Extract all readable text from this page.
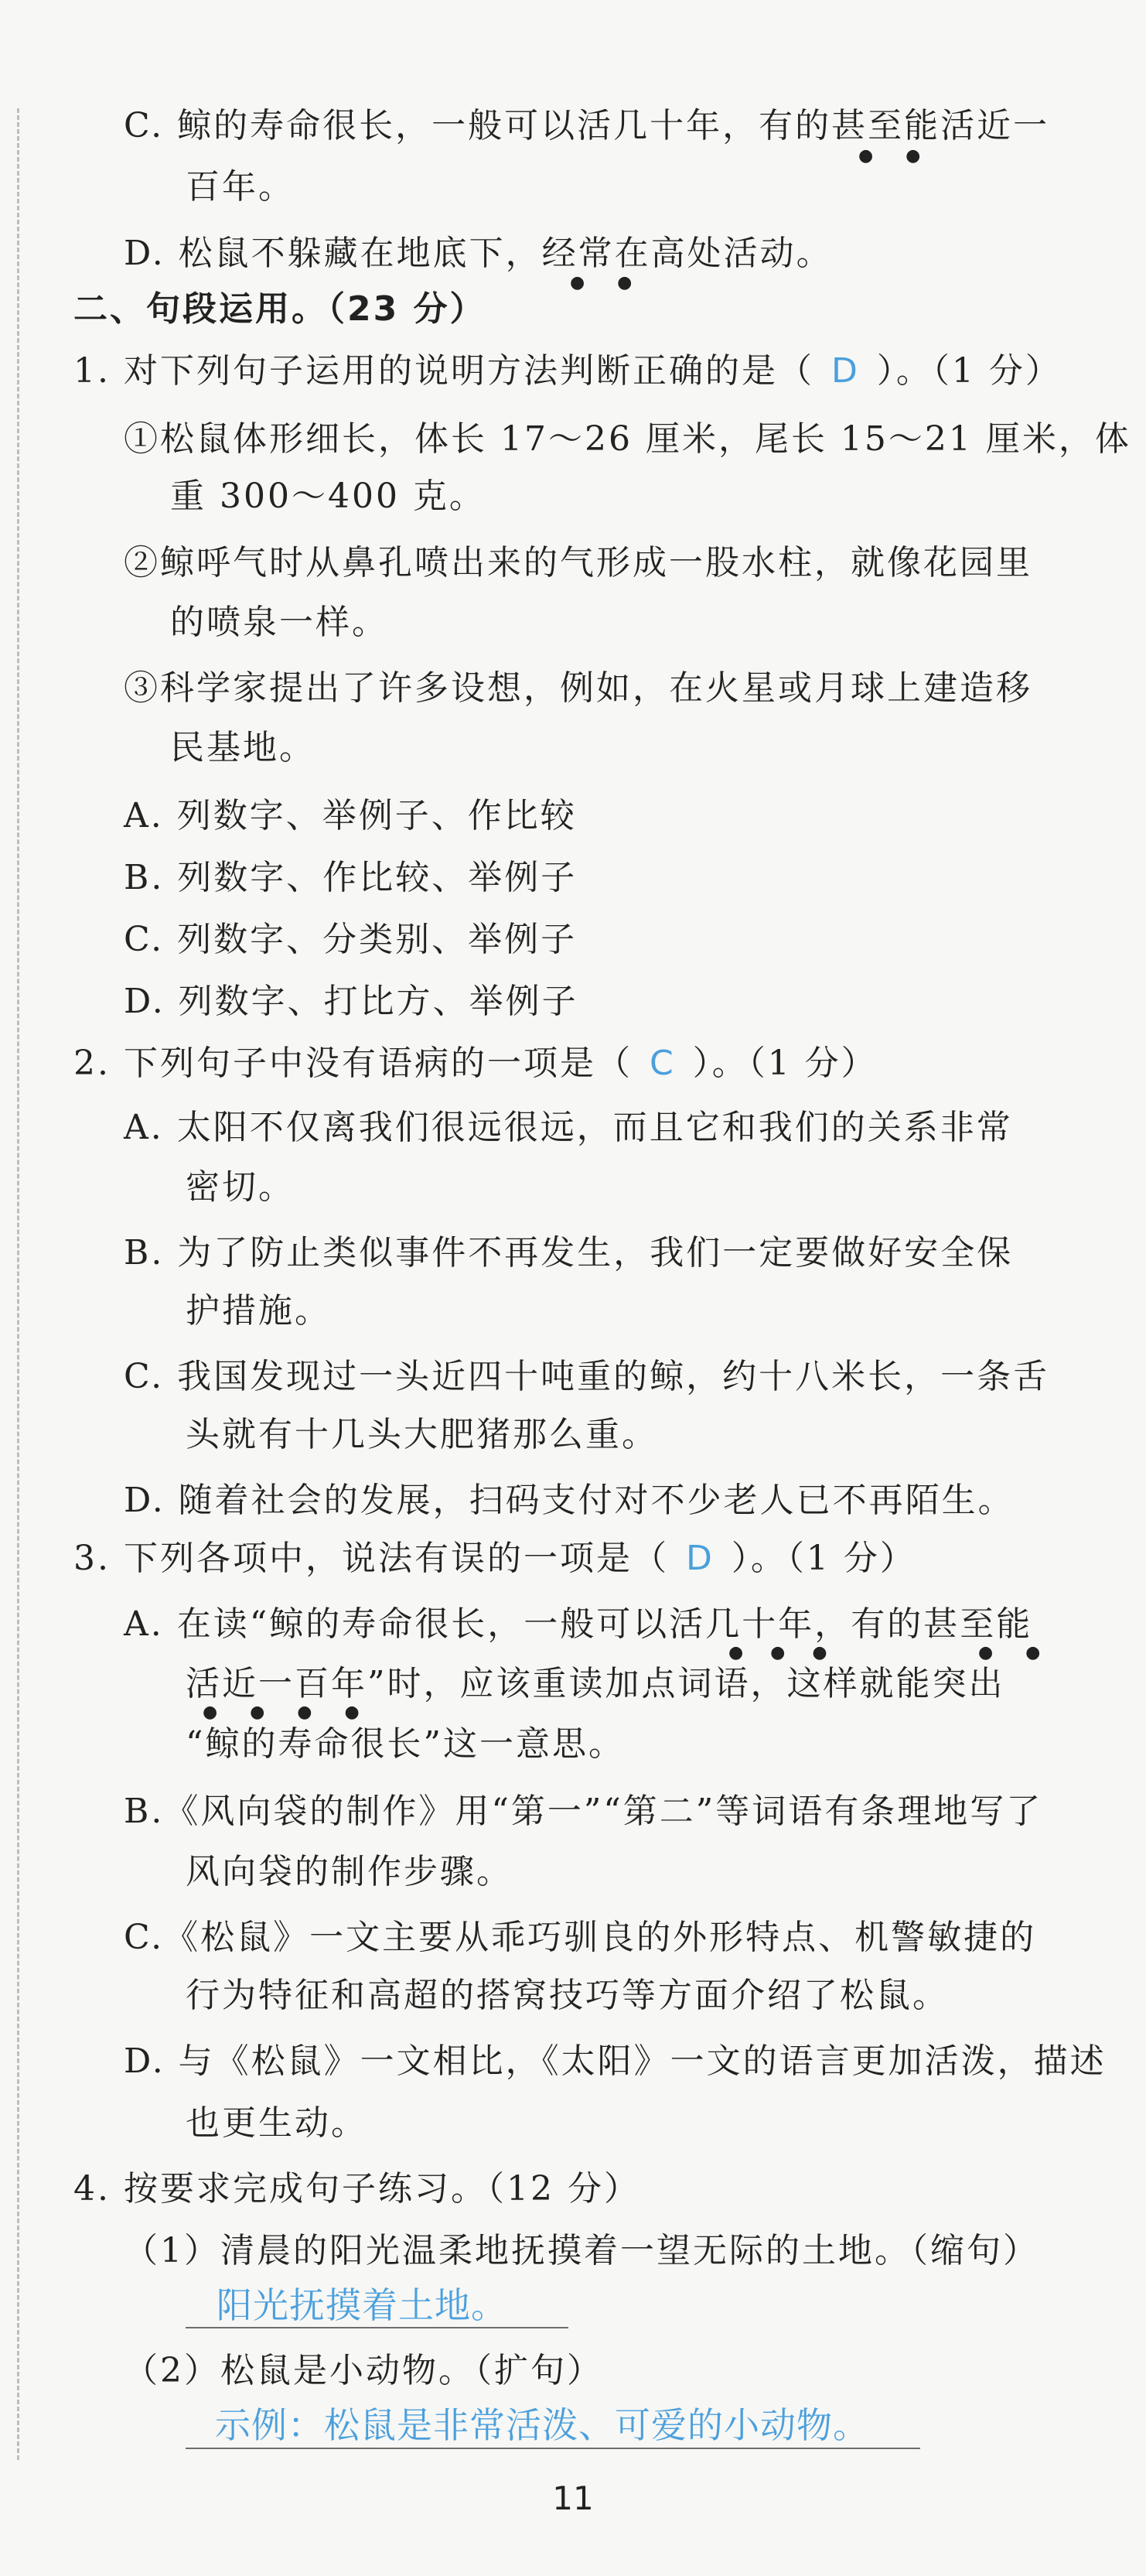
C. 鲸的寿命很长，一般可以活几十年，有的甚至能活近一
●      ●
百年。
D. 松鼠不躲藏在地底下，经常在高处活动。
●      ●
二、句段运用。（23 分）
1. 对下列句子运用的说明方法判断正确的是（ D ）。（1 分）
①松鼠体形细长，体长 17～26 厘米，尾长 15～21 厘米，体
重 300～400 克。
②鲸呼气时从鼻孔喷出来的气形成一股水柱，就像花园里
的喷泉一样。
③科学家提出了许多设想，例如，在火星或月球上建造移
民基地。
A. 列数字、举例子、作比较
B. 列数字、作比较、举例子
C. 列数字、分类别、举例子
D. 列数字、打比方、举例子
2. 下列句子中没有语病的一项是（ C ）。（1 分）
A. 太阳不仅离我们很远很远，而且它和我们的关系非常
密切。
B. 为了防止类似事件不再发生，我们一定要做好安全保
护措施。
C. 我国发现过一头近四十吨重的鲸，约十八米长，一条舌
头就有十几头大肥猪那么重。
D. 随着社会的发展，扫码支付对不少老人已不再陌生。
3. 下列各项中，说法有误的一项是（ D ）。（1 分）
A. 在读“鲸的寿命很长，一般可以活几十年，有的甚至能
●     ●     ●	●      ●
活近一百年”时，应该重读加点词语，这样就能突出
●      ●      ●      ●
“鲸的寿命很长”这一意思。
B.《风向袋的制作》用“第一”“第二”等词语有条理地写了
风向袋的制作步骤。
C.《松鼠》一文主要从乖巧驯良的外形特点、机警敏捷的
行为特征和高超的搭窝技巧等方面介绍了松鼠。
D. 与《松鼠》一文相比，《太阳》一文的语言更加活泼，描述
也更生动。
4. 按要求完成句子练习。（12 分）
（1）清晨的阳光温柔地抚摸着一望无际的土地。（缩句）
阳光抚摸着土地。
（2）松鼠是小动物。（扩句）
示例：松鼠是非常活泼、可爱的小动物。
11
